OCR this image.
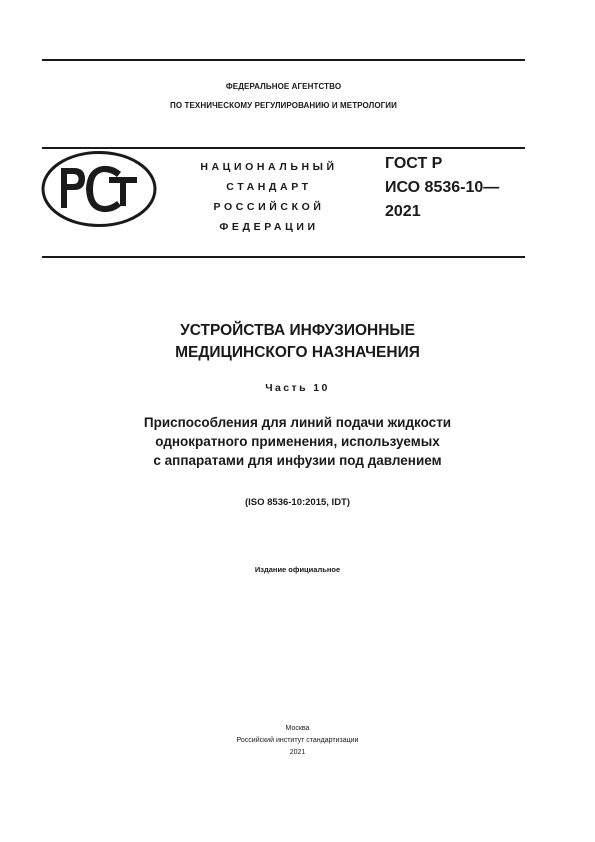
ФЕДЕРАЛЬНОЕ АГЕНТСТВО
ПО ТЕХНИЧЕСКОМУ РЕГУЛИРОВАНИЮ И МЕТРОЛОГИИ
НАЦИОНАЛЬНЫЙ
СТАНДАРТ
РОССИЙСКОЙ
ФЕДЕРАЦИИ
ГОСТ Р
ИСО 8536-10—
2021
УСТРОЙСТВА ИНФУЗИОННЫЕ
МЕДИЦИНСКОГО НАЗНАЧЕНИЯ
Часть 10
Приспособления для линий подачи жидкости
однократного применения, используемых
с аппаратами для инфузии под давлением
(ISO 8536-10:2015, IDT)
Издание официальное
Москва
Российский институт стандартизации
2021
